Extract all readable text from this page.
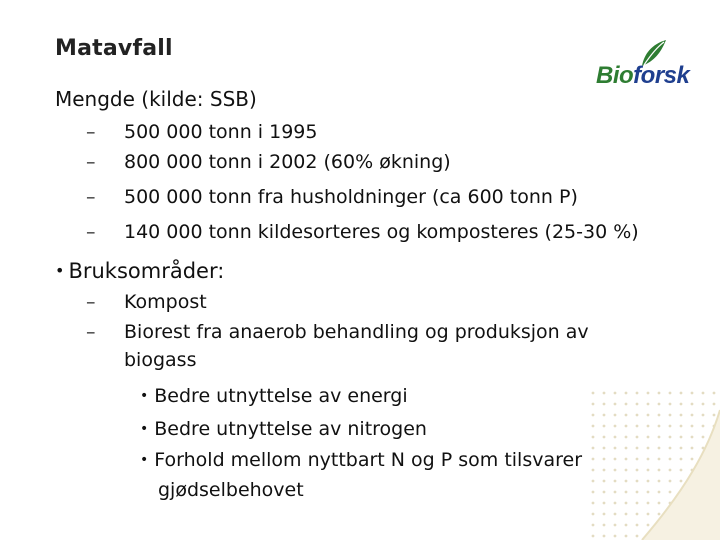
Matavfall
Bioforsk
Mengde (kilde: SSB)
– 500 000 tonn i 1995
– 800 000 tonn i 2002 (60% økning)
– 500 000 tonn fra husholdninger (ca 600 tonn P)
– 140 000 tonn kildesorteres og komposteres (25-30 %)
• Bruksområder:
– Kompost
– Biorest fra anaerob behandling og produksjon av
biogass
• Bedre utnyttelse av energi
• Bedre utnyttelse av nitrogen
• Forhold mellom nyttbart N og P som tilsvarer
gjødselbehovet
